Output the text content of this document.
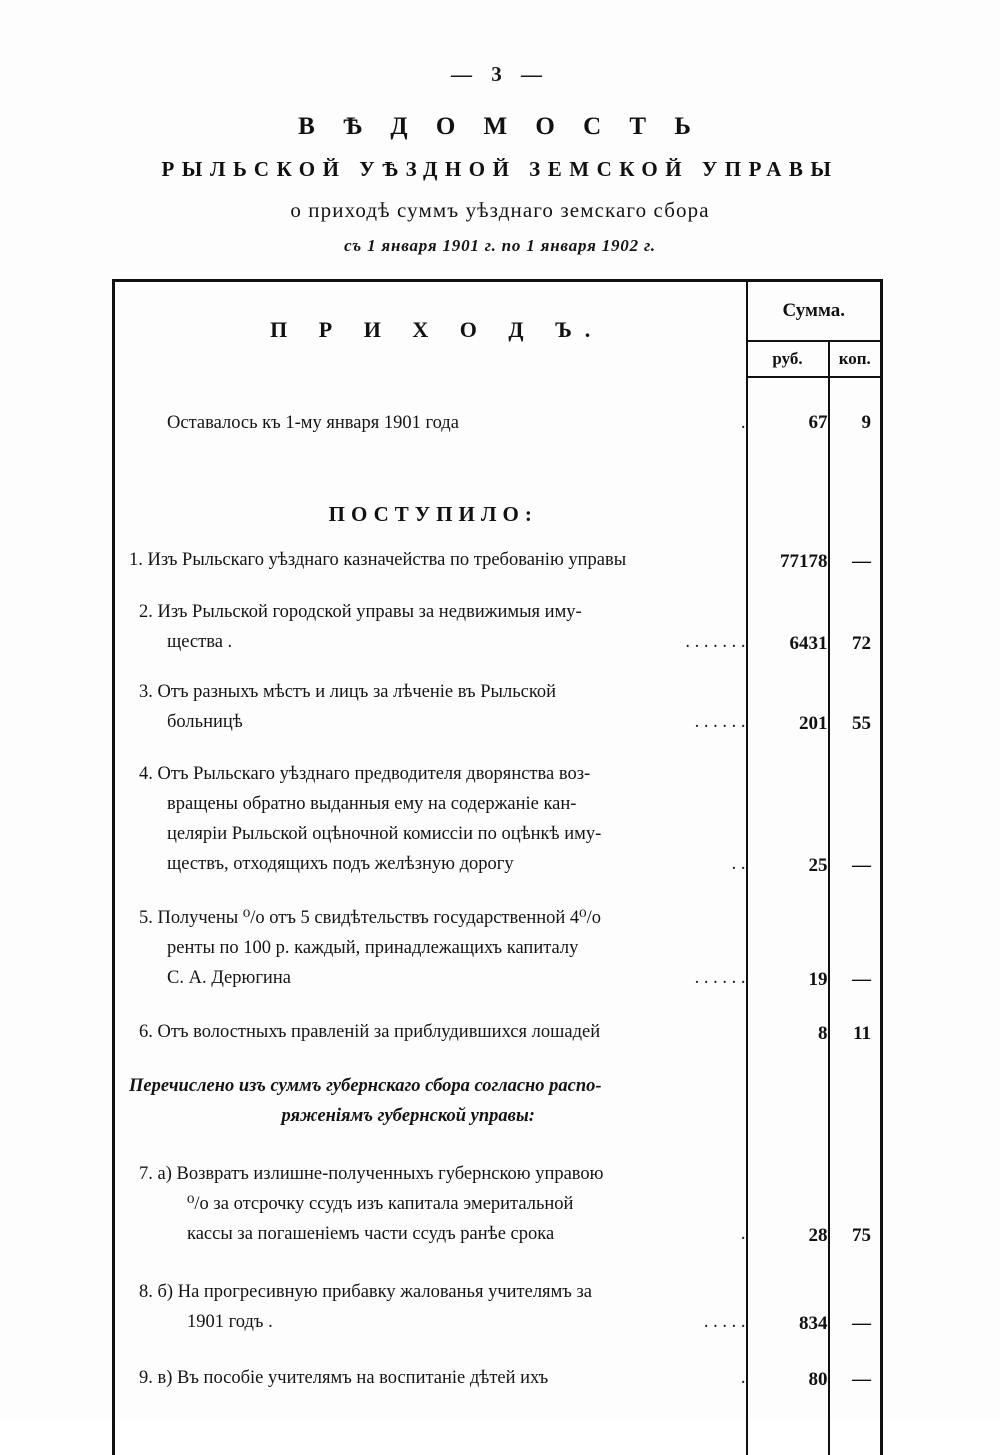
— 3 —
В Ѣ Д О М О С Т Ь
РЫЛЬСКОЙ УѢЗДНОЙ ЗЕМСКОЙ УПРАВЫ
о приходѣ суммъ уѣзднаго земскаго сбора
съ 1 января 1901 г. по 1 января 1902 г.
П Р И Х О Д Ъ.	Сумма.	
	руб.	коп.

Оставалось къ 1-му января 1901 года .	67	9
ПОСТУПИЛО:		

1. Изъ Рыльскаго уѣзднаго казначейства по требованію управы	77178	—

2. Изъ Рыльской городской управы за недвижимыя иму-
щества . . . . . . . .	6431	72

3. Отъ разныхъ мѣстъ и лицъ за лѣченіе въ Рыльской
больницѣ . . . . . .	201	55

4. Отъ Рыльскаго уѣзднаго предводителя дворянства воз-
вращены обратно выданныя ему на содержаніе кан-
целяріи Рыльской оцѣночной комиссіи по оцѣнкѣ иму-
ществъ, отходящихъ подъ желѣзную дорогу . .	25	—

5. Получены ⁰/o отъ 5 свидѣтельствъ государственной 4⁰/o
ренты по 100 р. каждый, принадлежащихъ капиталу
С. А. Дерюгина . . . . . .	19	—

6. Отъ волостныхъ правленій за приблудившихся лошадей	8	11

Перечислено изъ суммъ губернскаго сбора согласно распо-
ряженіямъ губернской управы:		

7. а) Возвратъ излишне-полученныхъ губернскою управою
⁰/o за отсрочку ссудъ изъ капитала эмеритальной
кассы за погашеніемъ части ссудъ ранѣе срока .	28	75

8. б) На прогресивную прибавку жалованья учителямъ за
1901 годъ . . . . . .	834	—

9. в) Въ пособіе учителямъ на воспитаніе дѣтей ихъ .	80	—
